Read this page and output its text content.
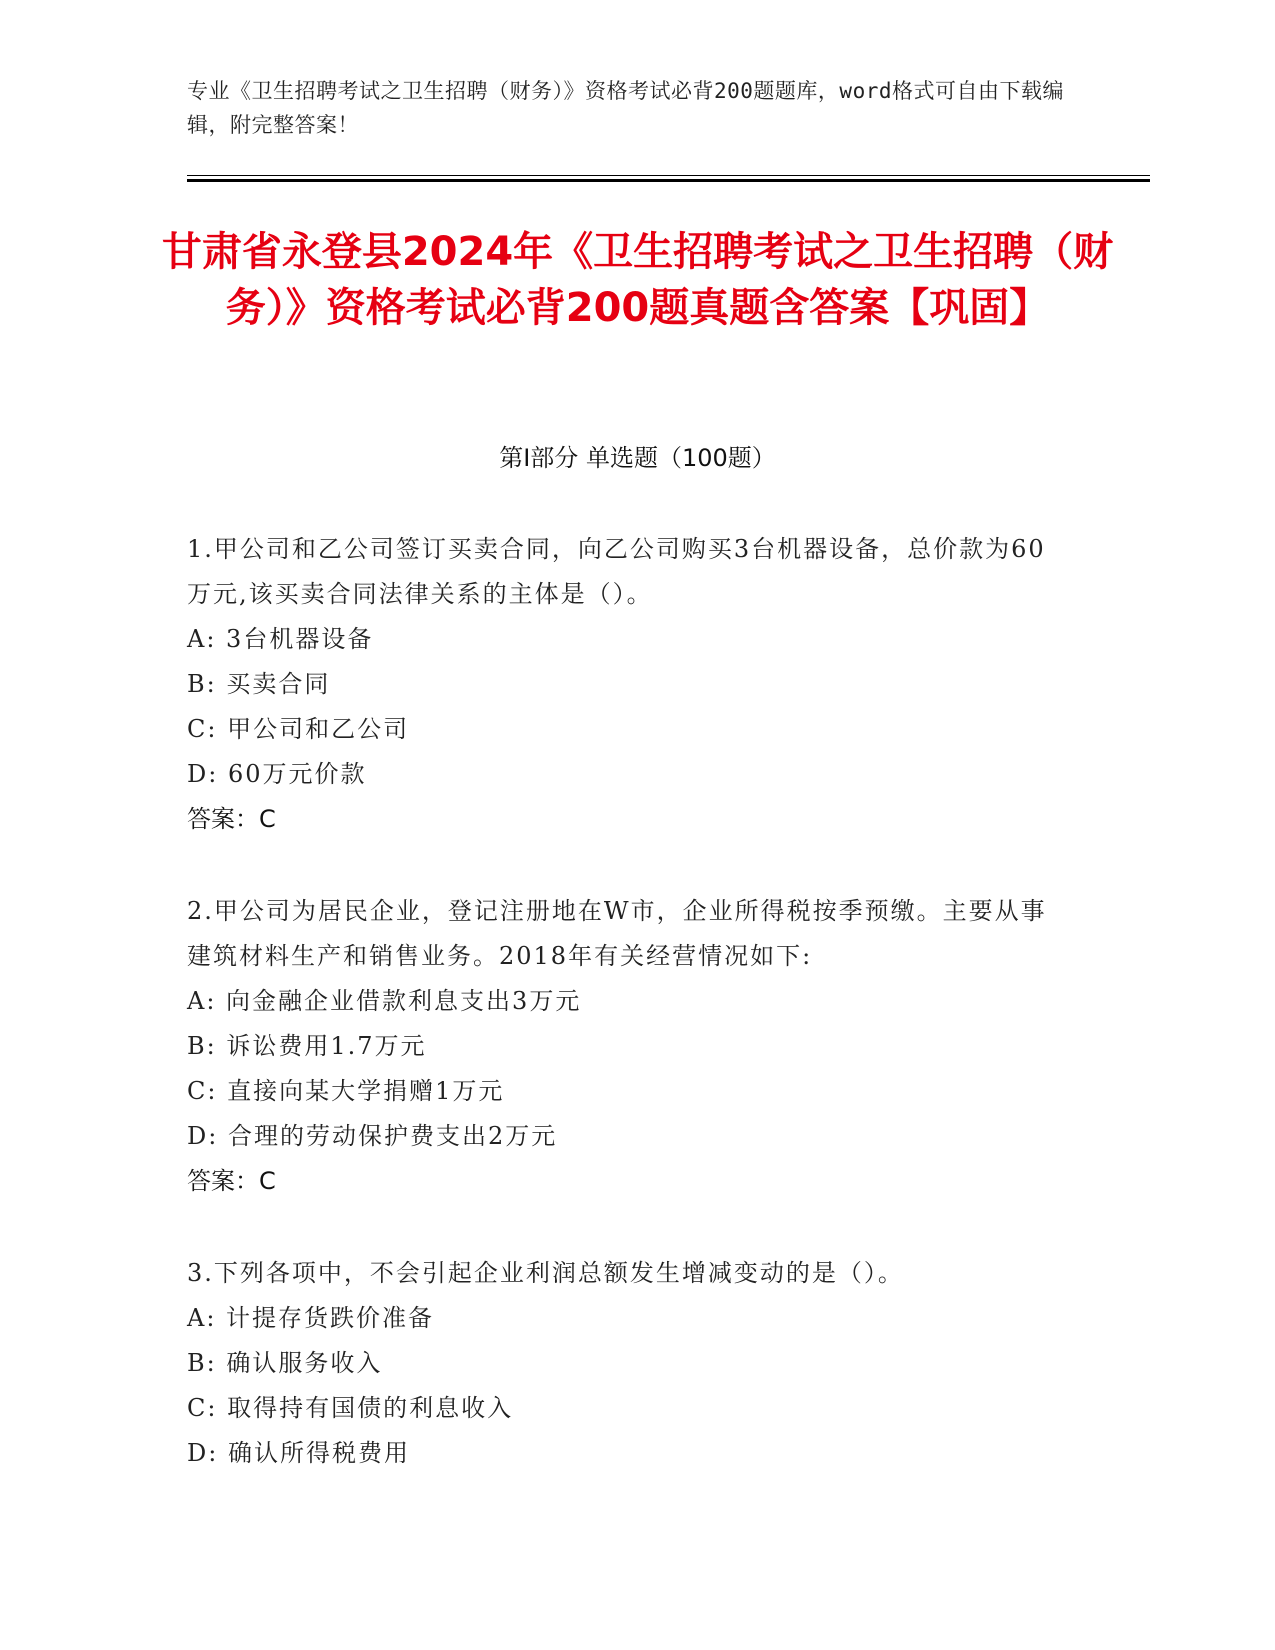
专业《卫生招聘考试之卫生招聘（财务）》资格考试必背200题题库，word格式可自由下载编辑，附完整答案！
甘肃省永登县2024年《卫生招聘考试之卫生招聘（财务）》资格考试必背200题真题含答案【巩固】
第Ⅰ部分 单选题（100题）
1.甲公司和乙公司签订买卖合同，向乙公司购买3台机器设备，总价款为60万元,该买卖合同法律关系的主体是（）。
A: 3台机器设备
B: 买卖合同
C: 甲公司和乙公司
D: 60万元价款
答案：C
2.甲公司为居民企业，登记注册地在W市，企业所得税按季预缴。主要从事建筑材料生产和销售业务。2018年有关经营情况如下:
A: 向金融企业借款利息支出3万元
B: 诉讼费用1.7万元
C: 直接向某大学捐赠1万元
D: 合理的劳动保护费支出2万元
答案：C
3.下列各项中，不会引起企业利润总额发生增减变动的是（）。
A: 计提存货跌价准备
B: 确认服务收入
C: 取得持有国债的利息收入
D: 确认所得税费用
